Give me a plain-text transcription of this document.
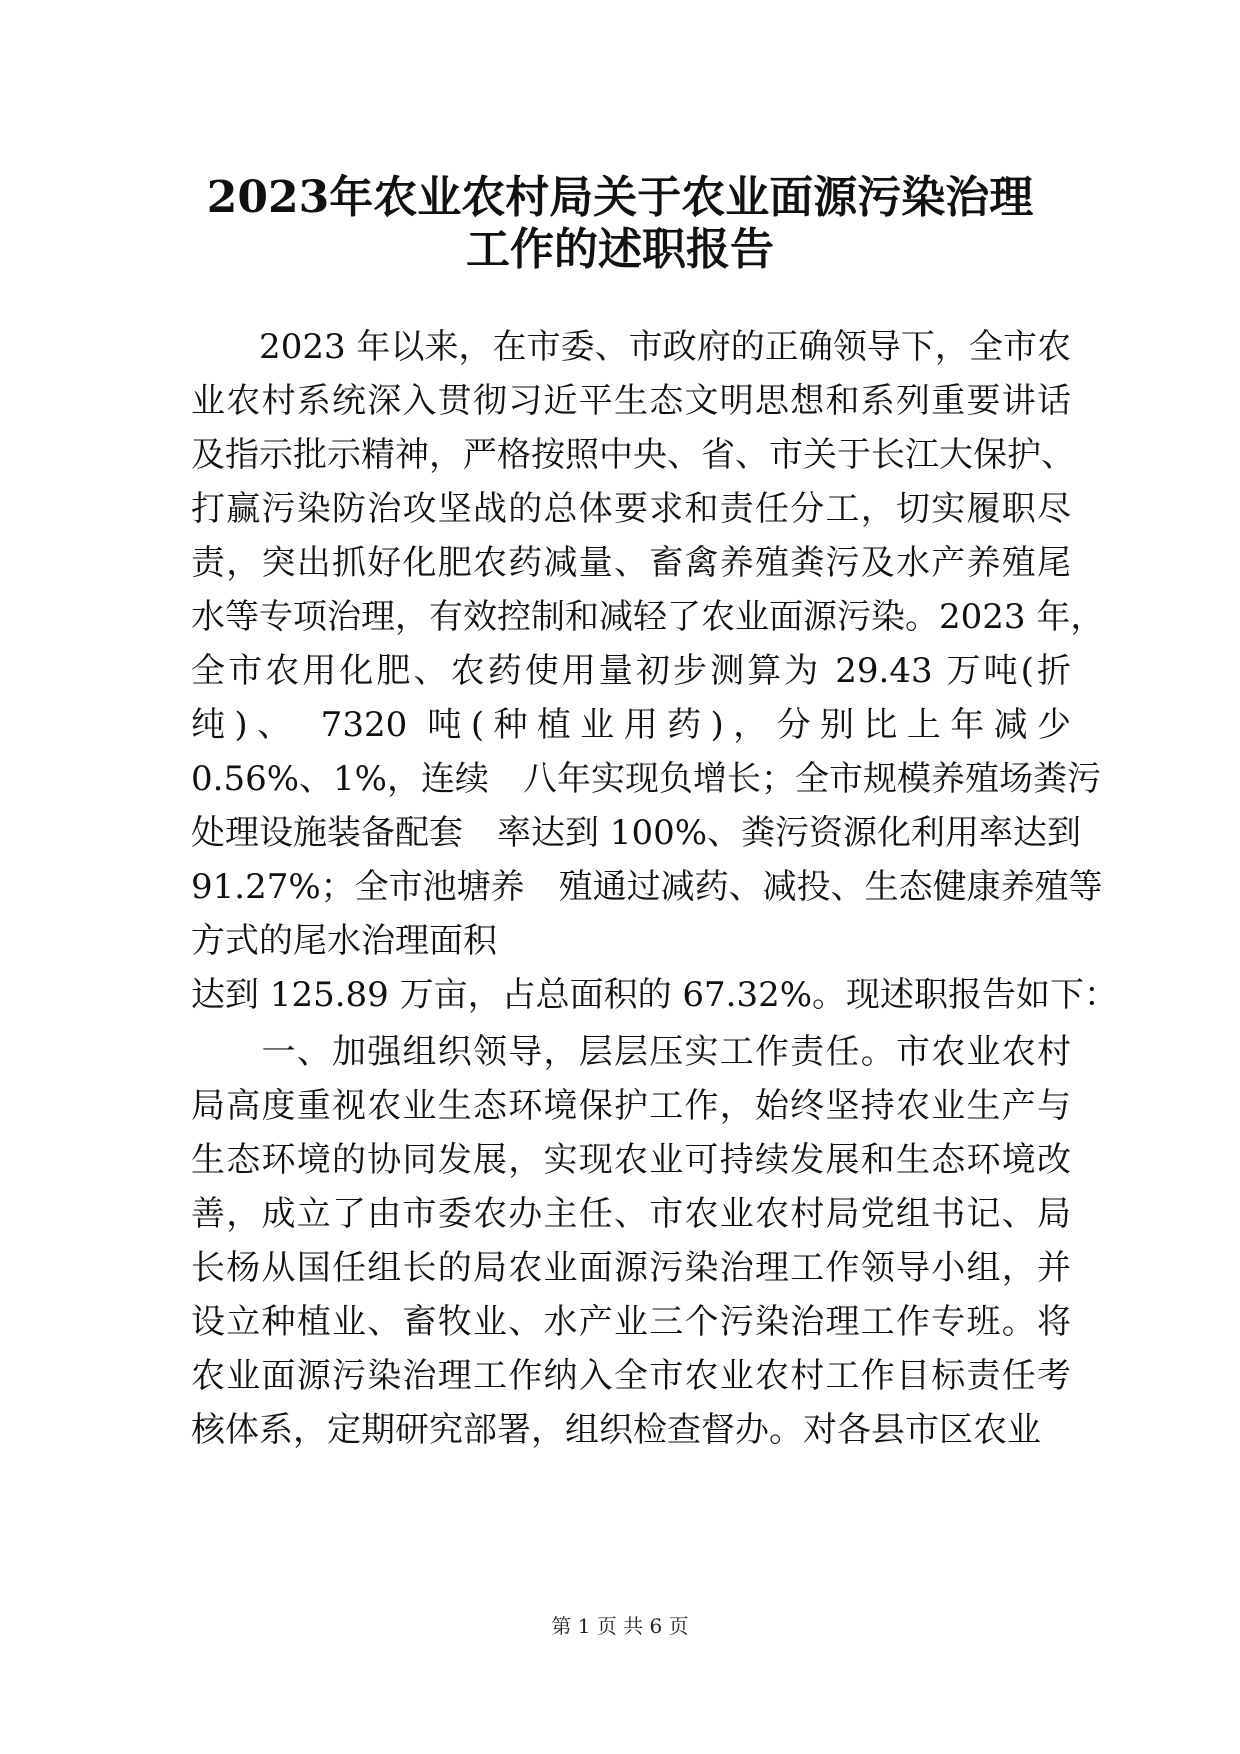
2023年农业农村局关于农业面源污染治理
工作的述职报告
　　2023 年以来，在市委、市政府的正确领导下，全市农
业农村系统深入贯彻习近平生态文明思想和系列重要讲话
及指示批示精神，严格按照中央、省、市关于长江大保护、
打赢污染防治攻坚战的总体要求和责任分工，切实履职尽
责，突出抓好化肥农药减量、畜禽养殖粪污及水产养殖尾
水等专项治理，有效控制和减轻了农业面源污染。2023 年，
全市农用化肥、农药使用量初步测算为 29.43 万吨(折
纯)、 7320 吨(种植业用药)，分别比上年减少
0.56%、1%，连续　八年实现负增长；全市规模养殖场粪污
处理设施装备配套　率达到 100%、粪污资源化利用率达到
91.27%；全市池塘养　殖通过减药、减投、生态健康养殖等
方式的尾水治理面积
达到 125.89 万亩，占总面积的 67.32%。现述职报告如下：
　　一、加强组织领导，层层压实工作责任。市农业农村
局高度重视农业生态环境保护工作，始终坚持农业生产与
生态环境的协同发展，实现农业可持续发展和生态环境改
善，成立了由市委农办主任、市农业农村局党组书记、局
长杨从国任组长的局农业面源污染治理工作领导小组，并
设立种植业、畜牧业、水产业三个污染治理工作专班。将
农业面源污染治理工作纳入全市农业农村工作目标责任考
核体系，定期研究部署，组织检查督办。对各县市区农业
第 1 页 共 6 页
